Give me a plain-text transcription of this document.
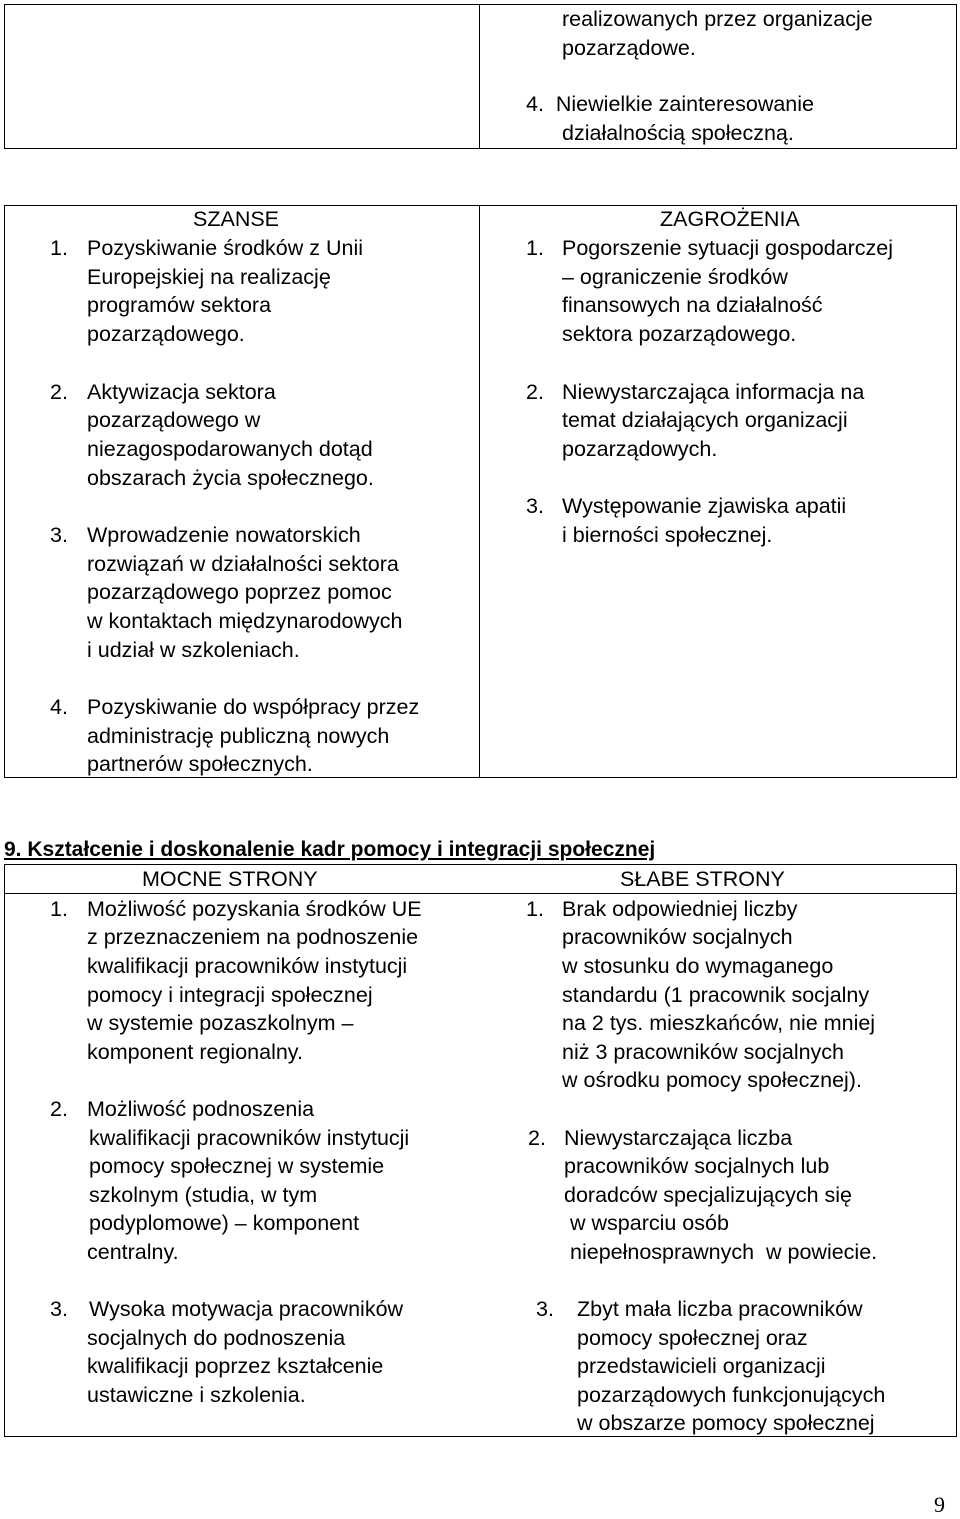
realizowanych przez organizacje
pozarządowe.
4.  Niewielkie zainteresowanie
działalnością społeczną.
SZANSE
1. Pozyskiwanie środków z Unii
Europejskiej na realizację
programów sektora
pozarządowego.
2. Aktywizacja sektora
pozarządowego w
niezagospodarowanych dotąd
obszarach życia społecznego.
3. Wprowadzenie nowatorskich
rozwiązań w działalności sektora
pozarządowego poprzez pomoc
w kontaktach międzynarodowych
i udział w szkoleniach.
4. Pozyskiwanie do współpracy przez
administrację publiczną nowych
partnerów społecznych.
ZAGROŻENIA
1. Pogorszenie sytuacji gospodarczej
– ograniczenie środków
finansowych na działalność
sektora pozarządowego.
2. Niewystarczająca informacja na
temat działających organizacji
pozarządowych.
3. Występowanie zjawiska apatii
i bierności społecznej.
9. Kształcenie i doskonalenie kadr pomocy i integracji społecznej
MOCNE STRONY	SŁABE STRONY
1. Możliwość pozyskania środków UE
z przeznaczeniem na podnoszenie
kwalifikacji pracowników instytucji
pomocy i integracji społecznej
w systemie pozaszkolnym –
komponent regionalny.
2. Możliwość podnoszenia
kwalifikacji pracowników instytucji
pomocy społecznej w systemie
szkolnym (studia, w tym
podyplomowe) – komponent
centralny.
3. Wysoka motywacja pracowników
socjalnych do podnoszenia
kwalifikacji poprzez kształcenie
ustawiczne i szkolenia.
1. Brak odpowiedniej liczby
pracowników socjalnych
w stosunku do wymaganego
standardu (1 pracownik socjalny
na 2 tys. mieszkańców, nie mniej
niż 3 pracowników socjalnych
w ośrodku pomocy społecznej).
2. Niewystarczająca liczba
pracowników socjalnych lub
doradców specjalizujących się
w wsparciu osób
niepełnosprawnych  w powiecie.
3. Zbyt mała liczba pracowników
pomocy społecznej oraz
przedstawicieli organizacji
pozarządowych funkcjonujących
w obszarze pomocy społecznej
9
